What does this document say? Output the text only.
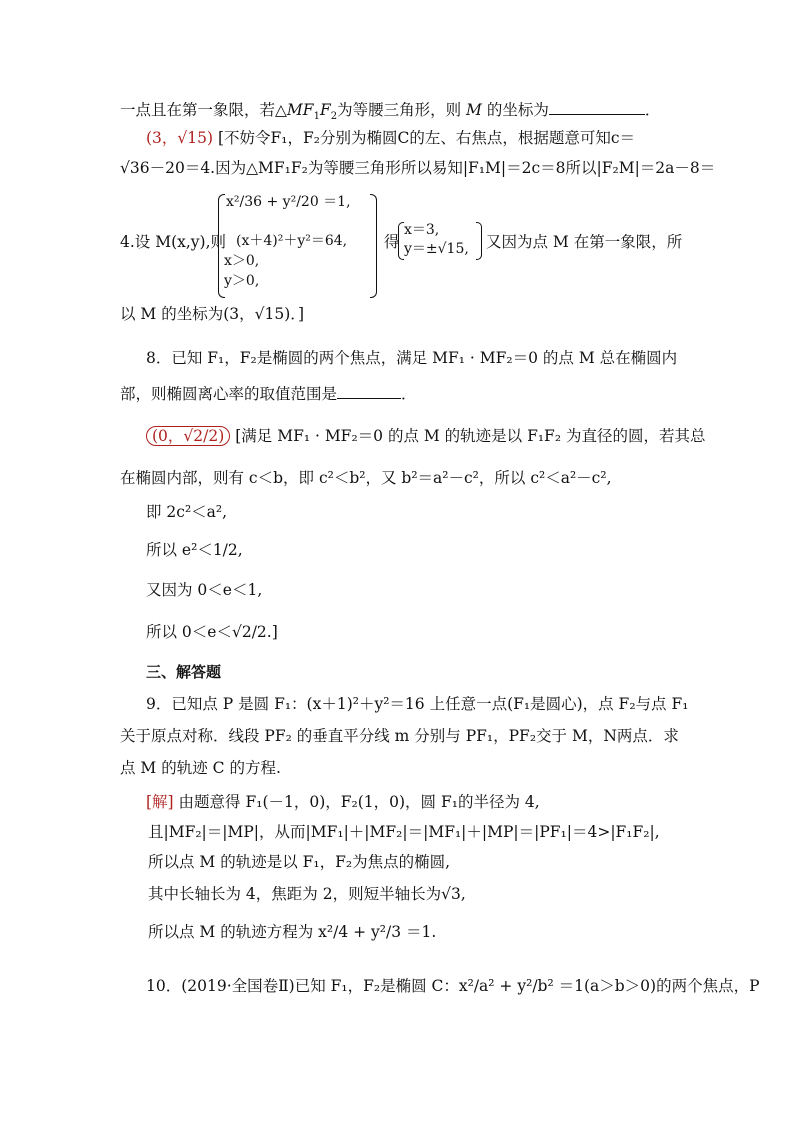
一点且在第一象限，若$\triangle MF_1F_2$为等腰三角形，则 M 的坐标为	．
(3，√15) [不妨令F₁，F₂分别为椭圆C的左、右焦点，根据题意可知c＝
√36－20＝4.因为△MF₁F₂为等腰三角形所以易知|F₁M|＝2c＝8所以|F₂M|＝2a－8＝
4.设 M(x,y),则
x²/36 + y²/20 ＝1,
(x＋4)²＋y²＝64,
x＞0,
y＞0,
得
x＝3,
y＝±√15, 又因为点 M 在第一象限，所
以 M 的坐标为(3，√15)．]
8．已知 F₁，F₂是椭圆的两个焦点，满足 MF₁ · MF₂＝0 的点 M 总在椭圆内
部，则椭圆离心率的取值范围是	．
(0，√2/2) [满足 MF₁ · MF₂＝0 的点 M 的轨迹是以 F₁F₂ 为直径的圆，若其总
在椭圆内部，则有 c＜b，即 c²＜b²，又 b²＝a²－c²，所以 c²＜a²－c²,
即 2c²＜a²,
所以 e²＜1/2,
又因为 0＜e＜1,
所以 0＜e＜√2/2.]
三、解答题
9．已知点 P 是圆 F₁：(x＋1)²＋y²＝16 上任意一点(F₁是圆心)，点 F₂与点 F₁
关于原点对称．线段 PF₂ 的垂直平分线 m 分别与 PF₁，PF₂交于 M，N两点．求
点 M 的轨迹 C 的方程.
[解] 由题意得 F₁(－1，0)，F₂(1，0)，圆 F₁的半径为 4,
且|MF₂|＝|MP|，从而|MF₁|＋|MF₂|＝|MF₁|＋|MP|＝|PF₁|＝4>|F₁F₂|,
所以点 M 的轨迹是以 F₁，F₂为焦点的椭圆,
其中长轴长为 4，焦距为 2，则短半轴长为√3,
所以点 M 的轨迹方程为 x²/4 + y²/3 ＝1.
10．(2019·全国卷Ⅱ)已知 F₁，F₂是椭圆 C：x²/a² + y²/b² ＝1(a＞b＞0)的两个焦点，P
